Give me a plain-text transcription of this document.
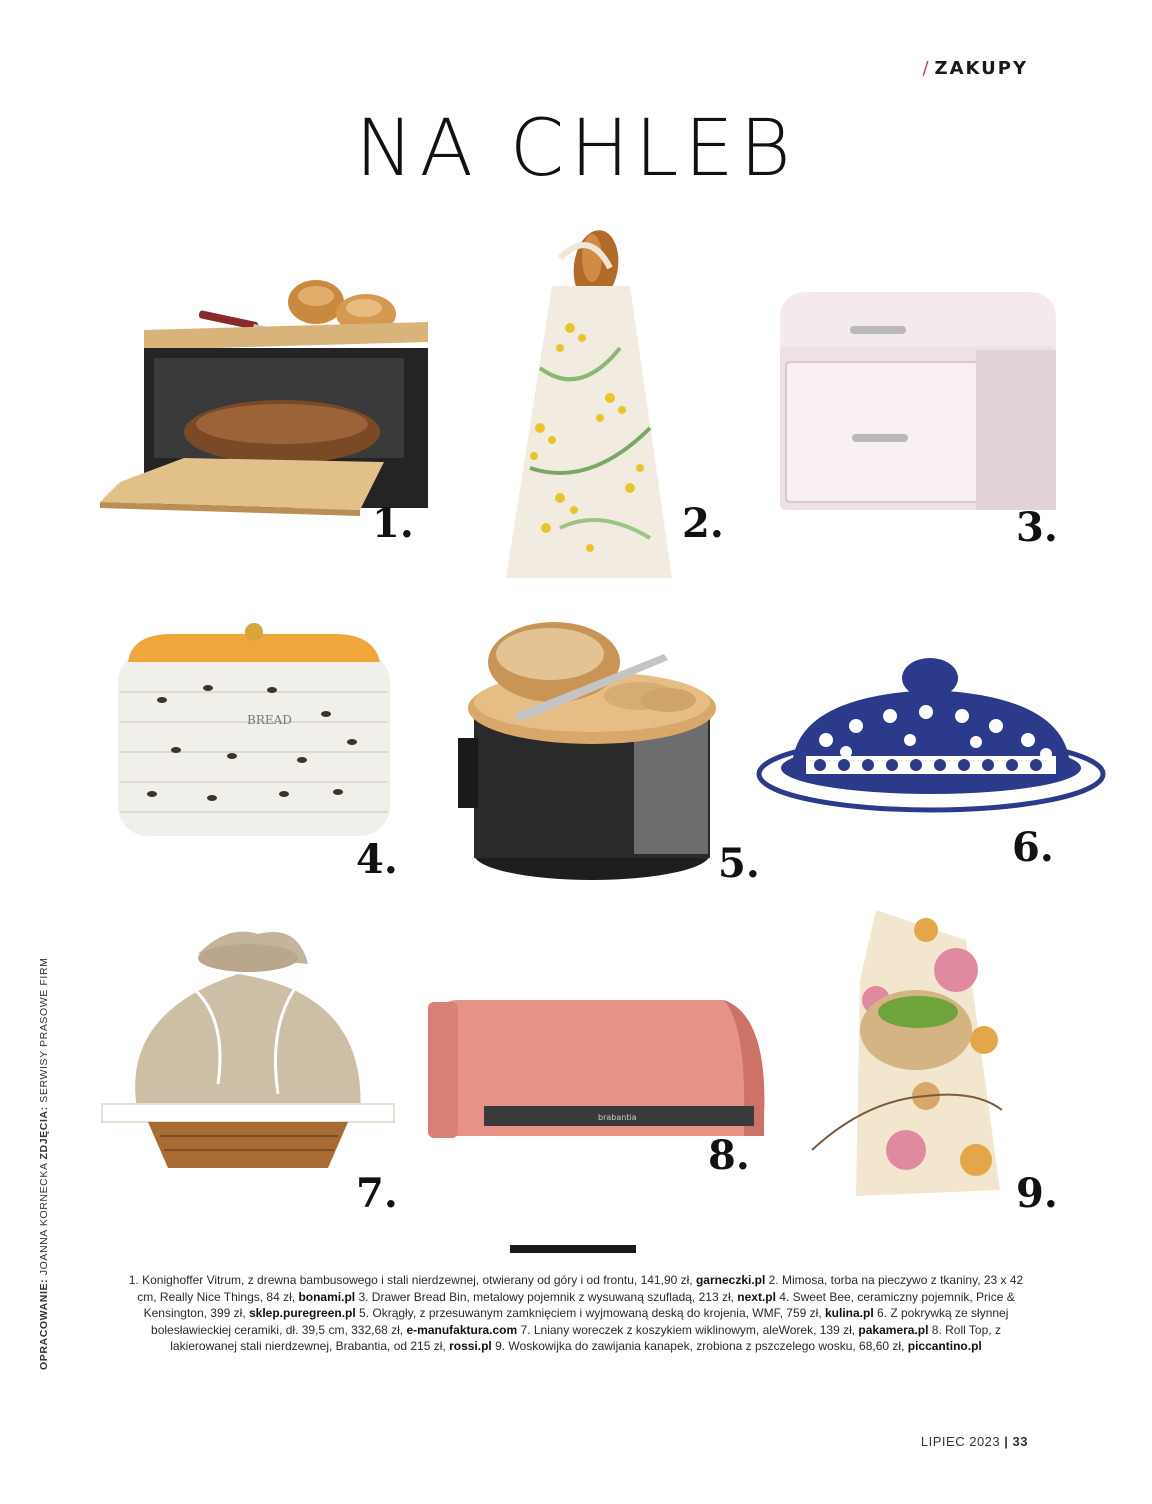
/ ZAKUPY
NA CHLEB
1.	2.	3.
BREAD
4.	5.	6.
7.
brabantia
8.
9.
OPRACOWANIE: JOANNA KORNECKA ZDJĘCIA: SERWISY PRASOWE FIRM
1. Konighoffer Vitrum, z drewna bambusowego i stali nierdzewnej, otwierany od góry i od frontu, 141,90 zł, garneczki.pl 2. Mimosa, torba na pieczywo z tkaniny, 23 x 42 cm, Really Nice Things, 84 zł, bonami.pl 3. Drawer Bread Bin, metalowy pojemnik z wysuwaną szufladą, 213 zł, next.pl 4. Sweet Bee, ceramiczny pojemnik, Price & Kensington, 399 zł, sklep.puregreen.pl 5. Okrągły, z przesuwanym zamknięciem i wyjmowaną deską do krojenia, WMF, 759 zł, kulina.pl 6. Z pokrywką ze słynnej bolesławieckiej ceramiki, dł. 39,5 cm, 332,68 zł, e-manufaktura.com 7. Lniany woreczek z koszykiem wiklinowym, aleWorek, 139 zł, pakamera.pl 8. Roll Top, z lakierowanej stali nierdzewnej, Brabantia, od 215 zł, rossi.pl 9. Woskowijka do zawijania kanapek, zrobiona z pszczelego wosku, 68,60 zł, piccantino.pl
LIPIEC 2023 | 33
